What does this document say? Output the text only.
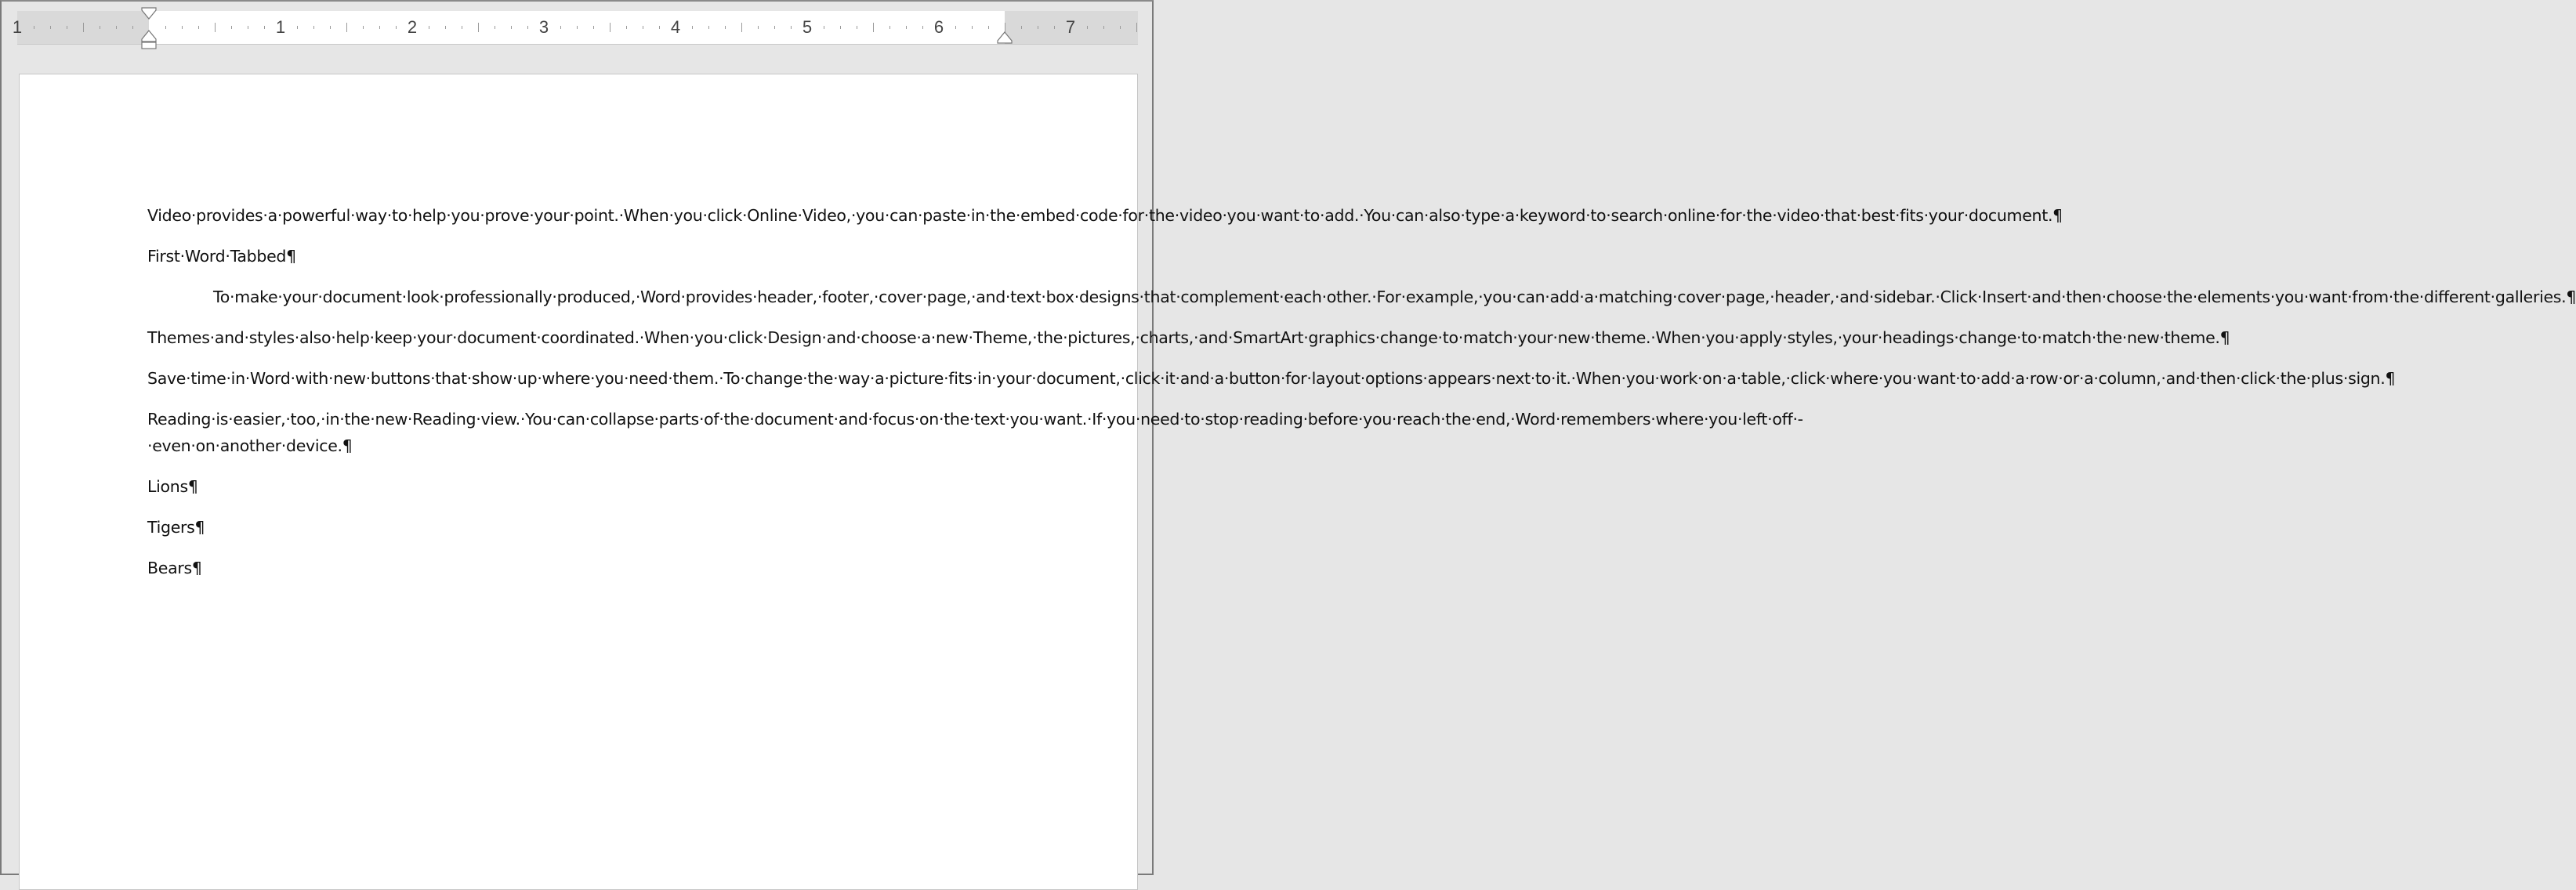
1	1	2	3	4	5	6	7

Video·provides·a·powerful·way·to·help·you·prove·your·point.·When·you·click·Online·Video,·you·can·paste·in·the·embed·code·for·the·video·you·want·to·add.·You·can·also·type·a·keyword·to·search·online·for·the·video·that·best·fits·your·document.¶

First·Word·Tabbed¶

To·make·your·document·look·professionally·produced,·Word·provides·header,·footer,·cover·page,·and·text·box·designs·that·complement·each·other.·For·example,·you·can·add·a·matching·cover·page,·header,·and·sidebar.·Click·Insert·and·then·choose·the·elements·you·want·from·the·different·galleries.¶

Themes·and·styles·also·help·keep·your·document·coordinated.·When·you·click·Design·and·choose·a·new·Theme,·the·pictures,·charts,·and·SmartArt·graphics·change·to·match·your·new·theme.·When·you·apply·styles,·your·headings·change·to·match·the·new·theme.¶

Save·time·in·Word·with·new·buttons·that·show·up·where·you·need·them.·To·change·the·way·a·picture·fits·in·your·document,·click·it·and·a·button·for·layout·options·appears·next·to·it.·When·you·work·on·a·table,·click·where·you·want·to·add·a·row·or·a·column,·and·then·click·the·plus·sign.¶

Reading·is·easier,·too,·in·the·new·Reading·view.·You·can·collapse·parts·of·the·document·and·focus·on·the·text·you·want.·If·you·need·to·stop·reading·before·you·reach·the·end,·Word·remembers·where·you·left·off·-·even·on·another·device.¶

Lions¶

Tigers¶

Bears¶
